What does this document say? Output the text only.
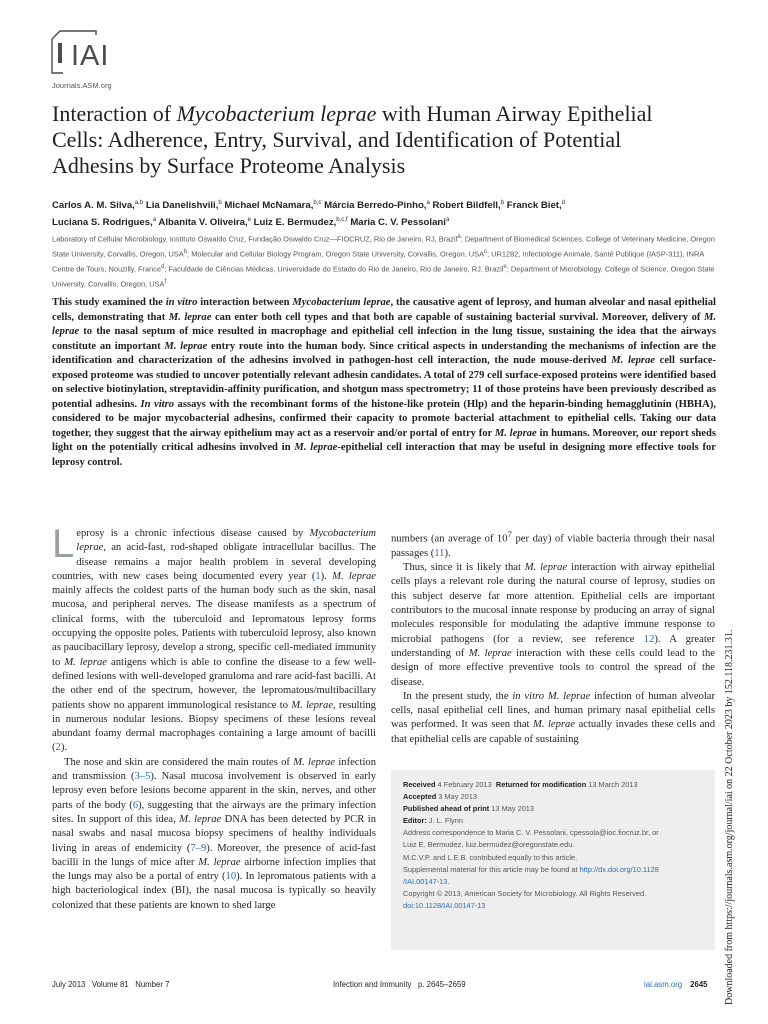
IAI
Journals.ASM.org
Interaction of Mycobacterium leprae with Human Airway Epithelial Cells: Adherence, Entry, Survival, and Identification of Potential Adhesins by Surface Proteome Analysis
Carlos A. M. Silva,$^{a,b}$ Lia Danelishvili,$^b$ Michael McNamara,$^{b,c}$ Márcia Berredo-Pinho,$^a$ Robert Bildfell,$^b$ Franck Biet,$^d$
Luciana S. Rodrigues,$^a$ Albanita V. Oliveira,$^e$ Luiz E. Bermudez,$^{b,c,f}$ Maria C. V. Pessolani$^a$
Laboratory of Cellular Microbiology, Instituto Oswaldo Cruz, Fundação Oswaldo Cruz—FIOCRUZ, Rio de Janeiro, RJ, Brazil$^a$; Department of Biomedical Sciences, College of Veterinary Medicine, Oregon State University, Corvallis, Oregon, USA$^b$; Molecular and Cellular Biology Program, Oregon State University, Corvallis, Oregon, USA$^c$; UR1282, Infectiologie Animale, Santé Publique (IASP-311), INRA Centre de Tours, Nouzilly, France$^d$; Faculdade de Ciências Médicas, Universidade do Estado do Rio de Janeiro, Rio de Janeiro, RJ, Brazil$^e$; Department of Microbiology, College of Science, Oregon State University, Corvallis, Oregon, USA$^f$

This study examined the in vitro interaction between Mycobacterium leprae, the causative agent of leprosy, and human alveolar and nasal epithelial cells, demonstrating that M. leprae can enter both cell types and that both are capable of sustaining bacterial survival. Moreover, delivery of M. leprae to the nasal septum of mice resulted in macrophage and epithelial cell infection in the lung tissue, sustaining the idea that the airways constitute an important M. leprae entry route into the human body. Since critical aspects in understanding the mechanisms of infection are the identification and characterization of the adhesins involved in pathogen-host cell interaction, the nude mouse-derived M. leprae cell surface-exposed proteome was studied to uncover potentially relevant adhesin candidates. A total of 279 cell surface-exposed proteins were identified based on selective biotinylation, streptavidin-affinity purification, and shotgun mass spectrometry; 11 of those proteins have been previously described as potential adhesins. In vitro assays with the recombinant forms of the histone-like protein (Hlp) and the heparin-binding hemagglutinin (HBHA), considered to be major mycobacterial adhesins, confirmed their capacity to promote bacterial attachment to epithelial cells. Taking our data together, they suggest that the airway epithelium may act as a reservoir and/or portal of entry for M. leprae in humans. Moreover, our report sheds light on the potentially critical adhesins involved in M. leprae-epithelial cell interaction that may be useful in designing more effective tools for leprosy control.

Leprosy is a chronic infectious disease caused by Mycobacterium leprae, an acid-fast, rod-shaped obligate intracellular bacillus. The disease remains a major health problem in several developing countries, with new cases being documented every year (1). M. leprae mainly affects the coldest parts of the human body such as the skin, nasal mucosa, and peripheral nerves. The disease manifests as a spectrum of clinical forms, with the tuberculoid and lepromatous leprosy forms occupying the opposite poles. Patients with tuberculoid leprosy, also known as paucibacillary leprosy, develop a strong, specific cell-mediated immunity to M. leprae antigens which is able to confine the disease to a few well-defined lesions with well-developed granuloma and rare acid-fast bacilli. At the other end of the spectrum, however, the lepromatous/multibacillary patients show no apparent immunological resistance to M. leprae, resulting in numerous nodular lesions. Biopsy specimens of these lesions reveal abundant foamy dermal macrophages containing a large amount of bacilli (2).

The nose and skin are considered the main routes of M. leprae infection and transmission (3–5). Nasal mucosa involvement is observed in early leprosy even before lesions become apparent in the skin, nerves, and other parts of the body (6), suggesting that the airways are the primary infection sites. In support of this idea, M. leprae DNA has been detected by PCR in nasal swabs and nasal mucosa biopsy specimens of healthy individuals living in areas of endemicity (7–9). Moreover, the presence of acid-fast bacilli in the lungs of mice after M. leprae airborne infection implies that the lungs may also be a portal of entry (10). In lepromatous patients with a high bacteriological index (BI), the nasal mucosa is typically so heavily colonized that these patients are known to shed large

numbers (an average of $10^7$ per day) of viable bacteria through their nasal passages (11).

Thus, since it is likely that M. leprae interaction with airway epithelial cells plays a relevant role during the natural course of leprosy, studies on this subject deserve far more attention. Epithelial cells are important contributors to the mucosal innate response by producing an array of signal molecules responsible for modulating the adaptive immune response to microbial pathogens (for a review, see reference 12). A greater understanding of M. leprae interaction with these cells could lead to the design of more effective preventive tools to control the spread of the disease.

In the present study, the in vitro M. leprae infection of human alveolar cells, nasal epithelial cell lines, and human primary nasal epithelial cells was performed. It was seen that M. leprae actually invades these cells and that epithelial cells are capable of sustaining

Received 4 February 2013 Returned for modification 13 March 2013
Accepted 3 May 2013
Published ahead of print 13 May 2013
Editor: J. L. Flynn
Address correspondence to Maria C. V. Pessolani, cpessola@ioc.fiocruz.br, or
Luiz E. Bermudez, luiz.bermudez@oregonstate.edu.
M.C.V.P. and L.E.B. contributed equally to this article.
Supplemental material for this article may be found at http://dx.doi.org/10.1128
/IAI.00147-13.
Copyright © 2013, American Society for Microbiology. All Rights Reserved.
doi:10.1128/IAI.00147-13
July 2013   Volume 81   Number 7	Infection and Immunity   p. 2645–2659	iai.asm.org 2645 Downloaded from https://journals.asm.org/journal/iai on 22 October 2023 by 152.118.231.31.
